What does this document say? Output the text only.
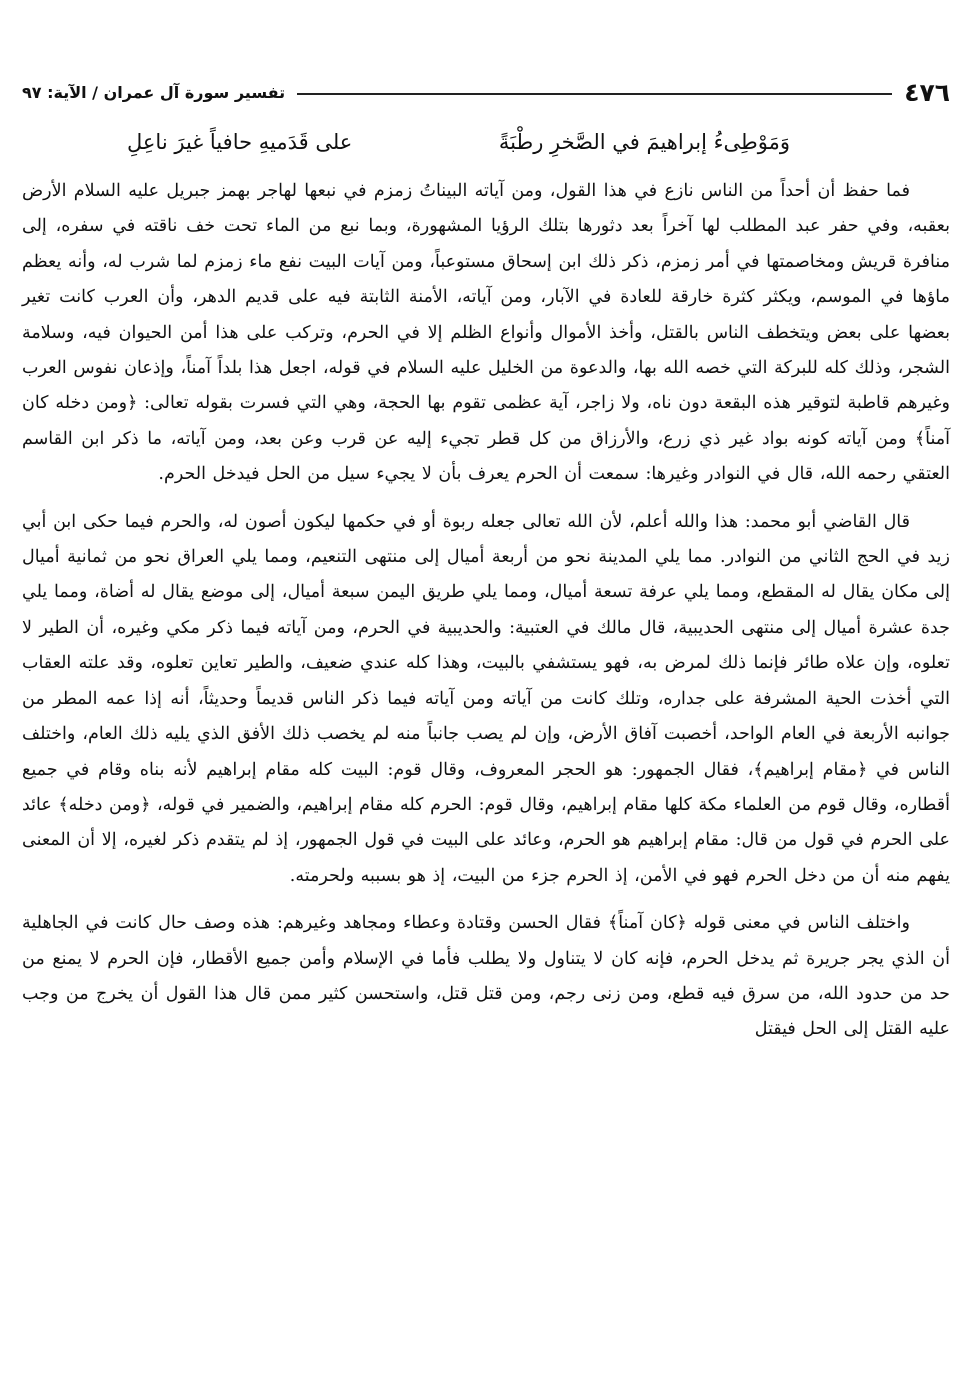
٤٧٦
تفسير سورة آل عمران / الآية: ٩٧
وَمَوْطِىءُ إبراهيمَ في الصَّخرِ رطْبَةً
على قَدَميهِ حافياً غيرَ ناعِلِ

فما حفظ أن أحداً من الناس نازع في هذا القول، ومن آياته البيناتُ زمزم في نبعها لهاجر بهمز جبريل عليه السلام الأرض بعقبه، وفي حفر عبد المطلب لها آخراً بعد دثورها بتلك الرؤيا المشهورة، وبما نبع من الماء تحت خف ناقته في سفره، إلى منافرة قريش ومخاصمتها في أمر زمزم، ذكر ذلك ابن إسحاق مستوعباً، ومن آيات البيت نفع ماء زمزم لما شرب له، وأنه يعظم ماؤها في الموسم، ويكثر كثرة خارقة للعادة في الآبار، ومن آياته، الأمنة الثابتة فيه على قديم الدهر، وأن العرب كانت تغير بعضها على بعض ويتخطف الناس بالقتل، وأخذ الأموال وأنواع الظلم إلا في الحرم، وتركب على هذا أمن الحيوان فيه، وسلامة الشجر، وذلك كله للبركة التي خصه الله بها، والدعوة من الخليل عليه السلام في قوله، اجعل هذا بلداً آمناً، وإذعان نفوس العرب وغيرهم قاطبة لتوقير هذه البقعة دون ناه، ولا زاجر، آية عظمى تقوم بها الحجة، وهي التي فسرت بقوله تعالى: ﴿ومن دخله كان آمناً﴾ ومن آياته كونه بواد غير ذي زرع، والأرزاق من كل قطر تجيء إليه عن قرب وعن بعد، ومن آياته، ما ذكر ابن القاسم العتقي رحمه الله، قال في النوادر وغيرها: سمعت أن الحرم يعرف بأن لا يجيء سيل من الحل فيدخل الحرم.

قال القاضي أبو محمد: هذا والله أعلم، لأن الله تعالى جعله ربوة أو في حكمها ليكون أصون له، والحرم فيما حكى ابن أبي زيد في الحج الثاني من النوادر. مما يلي المدينة نحو من أربعة أميال إلى منتهى التنعيم، ومما يلي العراق نحو من ثمانية أميال إلى مكان يقال له المقطع، ومما يلي عرفة تسعة أميال، ومما يلي طريق اليمن سبعة أميال، إلى موضع يقال له أضاة، ومما يلي جدة عشرة أميال إلى منتهى الحديبية، قال مالك في العتبية: والحديبية في الحرم، ومن آياته فيما ذكر مكي وغيره، أن الطير لا تعلوه، وإن علاه طائر فإنما ذلك لمرض به، فهو يستشفي بالبيت، وهذا كله عندي ضعيف، والطير تعاين تعلوه، وقد علته العقاب التي أخذت الحية المشرفة على جداره، وتلك كانت من آياته ومن آياته فيما ذكر الناس قديماً وحديثاً، أنه إذا عمه المطر من جوانبه الأربعة في العام الواحد، أخصبت آفاق الأرض، وإن لم يصب جانباً منه لم يخصب ذلك الأفق الذي يليه ذلك العام، واختلف الناس في ﴿مقام إبراهيم﴾، فقال الجمهور: هو الحجر المعروف، وقال قوم: البيت كله مقام إبراهيم لأنه بناه وقام في جميع أقطاره، وقال قوم من العلماء مكة كلها مقام إبراهيم، وقال قوم: الحرم كله مقام إبراهيم، والضمير في قوله، ﴿ومن دخله﴾ عائد على الحرم في قول من قال: مقام إبراهيم هو الحرم، وعائد على البيت في قول الجمهور، إذ لم يتقدم ذكر لغيره، إلا أن المعنى يفهم منه أن من دخل الحرم فهو في الأمن، إذ الحرم جزء من البيت، إذ هو بسببه ولحرمته.

واختلف الناس في معنى قوله ﴿كان آمناً﴾ فقال الحسن وقتادة وعطاء ومجاهد وغيرهم: هذه وصف حال كانت في الجاهلية أن الذي يجر جريرة ثم يدخل الحرم، فإنه كان لا يتناول ولا يطلب فأما في الإسلام وأمن جميع الأقطار، فإن الحرم لا يمنع من حد من حدود الله، من سرق فيه قطع، ومن زنى رجم، ومن قتل قتل، واستحسن كثير ممن قال هذا القول أن يخرج من وجب عليه القتل إلى الحل فيقتل
